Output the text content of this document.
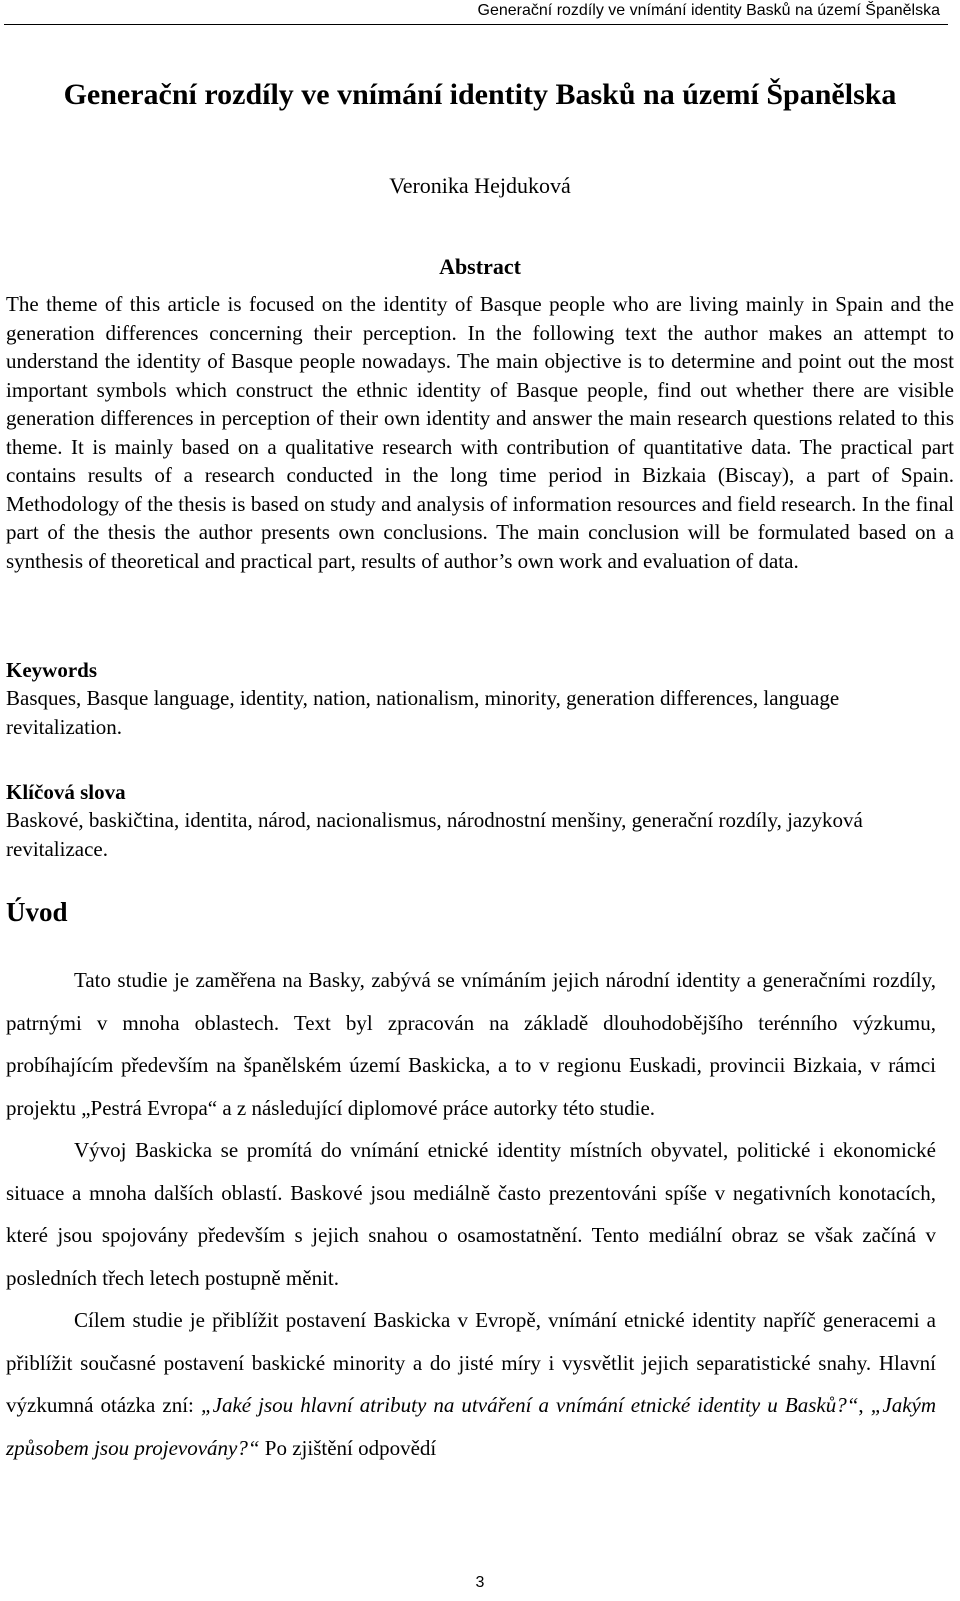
Generační rozdíly ve vnímání identity Basků na území Španělska
Generační rozdíly ve vnímání identity Basků na území Španělska
Veronika Hejduková
Abstract

The theme of this article is focused on the identity of Basque people who are living mainly in Spain and the generation differences concerning their perception. In the following text the author makes an attempt to understand the identity of Basque people nowadays. The main objective is to determine and point out the most important symbols which construct the ethnic identity of Basque people, find out whether there are visible generation differences in perception of their own identity and answer the main research questions related to this theme. It is mainly based on a qualitative research with contribution of quantitative data. The practical part contains results of a research conducted in the long time period in Bizkaia (Biscay), a part of Spain. Methodology of the thesis is based on study and analysis of information resources and field research. In the final part of the thesis the author presents own conclusions. The main conclusion will be formulated based on a synthesis of theoretical and practical part, results of author’s own work and evaluation of data.

Keywords

Basques, Basque language, identity, nation, nationalism, minority, generation differences, language revitalization.

Klíčová slova

Baskové, baskičtina, identita, národ, nacionalismus, národnostní menšiny, generační rozdíly, jazyková revitalizace.

Úvod

Tato studie je zaměřena na Basky, zabývá se vnímáním jejich národní identity a generačními rozdíly, patrnými v mnoha oblastech. Text byl zpracován na základě dlouhodobějšího terénního výzkumu, probíhajícím především na španělském území Baskicka, a to v regionu Euskadi, provincii Bizkaia, v rámci projektu „Pestrá Evropa“ a z následující diplomové práce autorky této studie.

Vývoj Baskicka se promítá do vnímání etnické identity místních obyvatel, politické i ekonomické situace a mnoha dalších oblastí. Baskové jsou mediálně často prezentováni spíše v negativních konotacích, které jsou spojovány především s jejich snahou o osamostatnění. Tento mediální obraz se však začíná v posledních třech letech postupně měnit.

Cílem studie je přiblížit postavení Baskicka v Evropě, vnímání etnické identity napříč generacemi a přiblížit současné postavení baskické minority a do jisté míry i vysvětlit jejich separatistické snahy. Hlavní výzkumná otázka zní: „Jaké jsou hlavní atributy na utváření a vnímání etnické identity u Basků?“, „Jakým způsobem jsou projevovány?“ Po zjištění odpovědí

3
